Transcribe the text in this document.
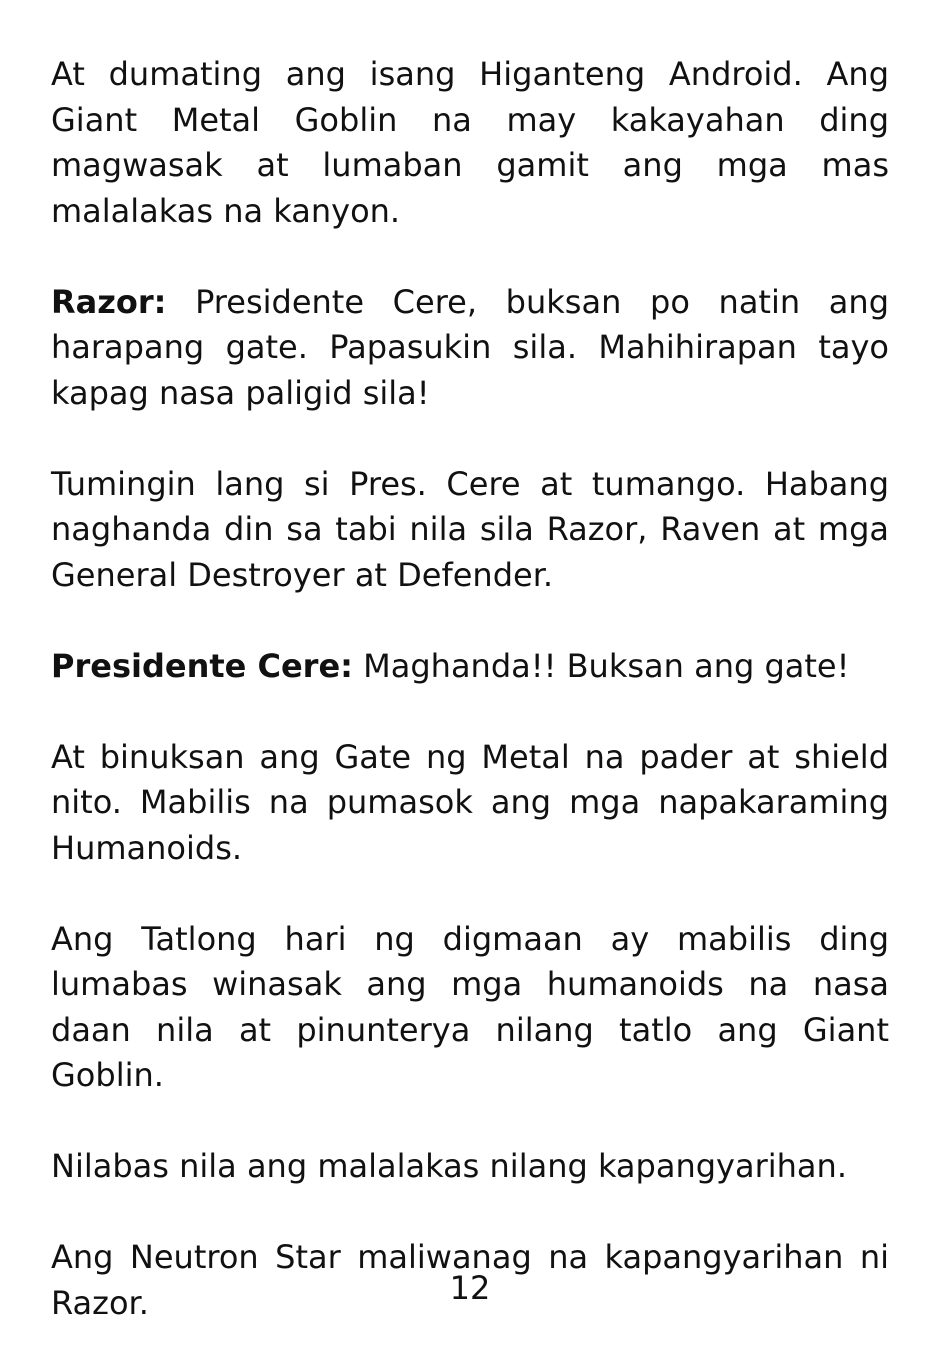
At dumating ang isang Higanteng Android. Ang Giant Metal Goblin na may kakayahan ding magwasak at lumaban gamit ang mga mas malalakas na kanyon.

Razor: Presidente Cere, buksan po natin ang harapang gate. Papasukin sila. Mahihirapan tayo kapag nasa paligid sila!

Tumingin lang si Pres. Cere at tumango. Habang naghanda din sa tabi nila sila Razor, Raven at mga General Destroyer at Defender.

Presidente Cere: Maghanda!! Buksan ang gate!

At binuksan ang Gate ng Metal na pader at shield nito. Mabilis na pumasok ang mga napakaraming Humanoids.

Ang Tatlong hari ng digmaan ay mabilis ding lumabas winasak ang mga humanoids na nasa daan nila at pinunterya nilang tatlo ang Giant Goblin.

Nilabas nila ang malalakas nilang kapangyarihan.

Ang Neutron Star maliwanag na kapangyarihan ni Razor.	12
